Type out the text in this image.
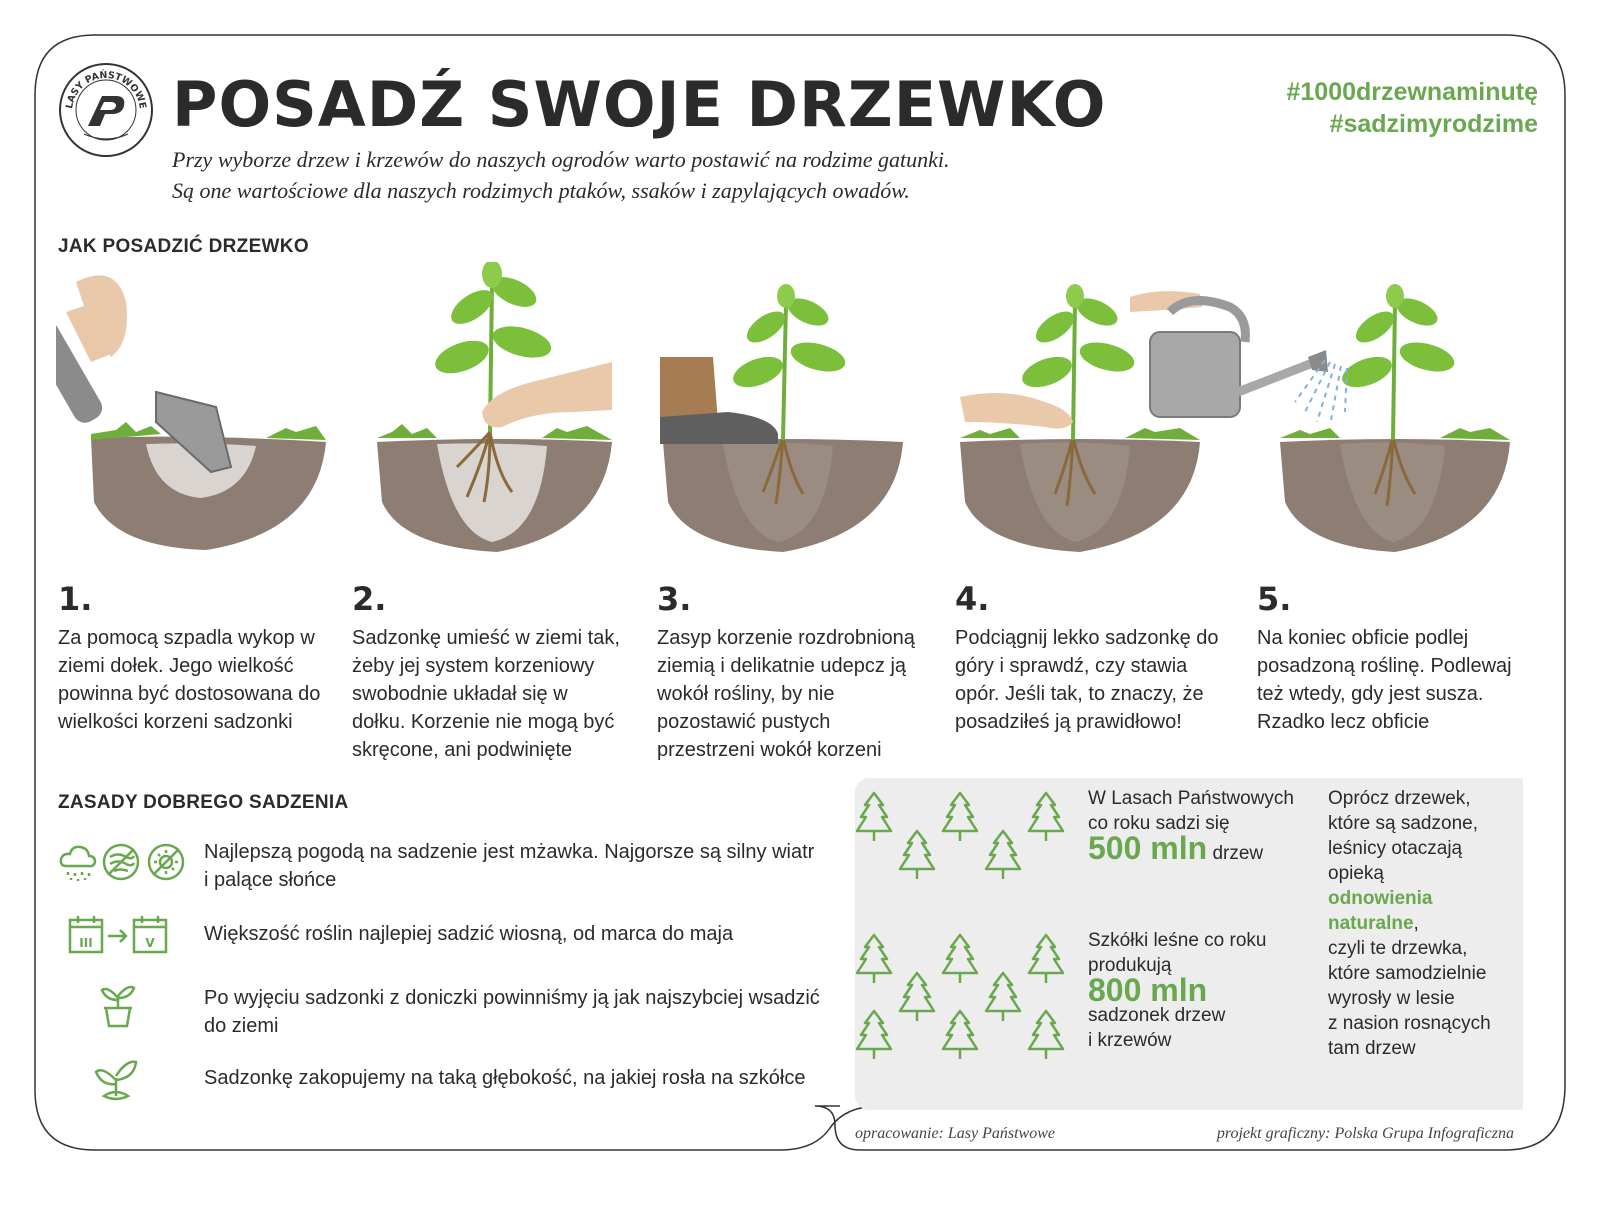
LASY PAŃSTWOWE POSADŹ SWOJE DRZEWKO	#1000drzewnaminutę
#sadzimyrodzime
Przy wyborze drzew i krzewów do naszych ogrodów warto postawić na rodzime gatunki.
Są one wartościowe dla naszych rodzimych ptaków, ssaków i zapylających owadów.
JAK POSADZIĆ DRZEWKO
1.
Za pomocą szpadla wykop w ziemi dołek. Jego wielkość powinna być dostosowana do wielkości korzeni sadzonki
2.
Sadzonkę umieść w ziemi tak, żeby jej system korzeniowy swobodnie układał się w dołku. Korzenie nie mogą być skręcone, ani podwinięte
3.
Zasyp korzenie rozdrobnioną ziemią i delikatnie udepcz ją wokół rośliny, by nie pozostawić pustych przestrzeni wokół korzeni
4.
Podciągnij lekko sadzonkę do góry i sprawdź, czy stawia opór. Jeśli tak, to znaczy, że posadziłeś ją prawidłowo!
5.
Na koniec obficie podlej posadzoną roślinę. Podlewaj też wtedy, gdy jest susza. Rzadko lecz obficie
ZASADY DOBREGO SADZENIA
Najlepszą pogodą na sadzenie jest mżawka. Najgorsze są silny wiatr i palące słońce
III	V Większość roślin najlepiej sadzić wiosną, od marca do maja
Po wyjęciu sadzonki z doniczki powinniśmy ją jak najszybciej wsadzić do ziemi
Sadzonkę zakopujemy na taką głębokość, na jakiej rosła na szkółce
W Lasach Państwowych
co roku sadzi się
500 mln drzew
Szkółki leśne co roku
produkują
800 mln
sadzonek drzew
i krzewów
Oprócz drzewek,
które są sadzone,
leśnicy otaczają
opieką
odnowienia
naturalne,
czyli te drzewka,
które samodzielnie
wyrosły w lesie
z nasion rosnących
tam drzew
opracowanie: Lasy Państwowe	projekt graficzny: Polska Grupa Infograficzna
